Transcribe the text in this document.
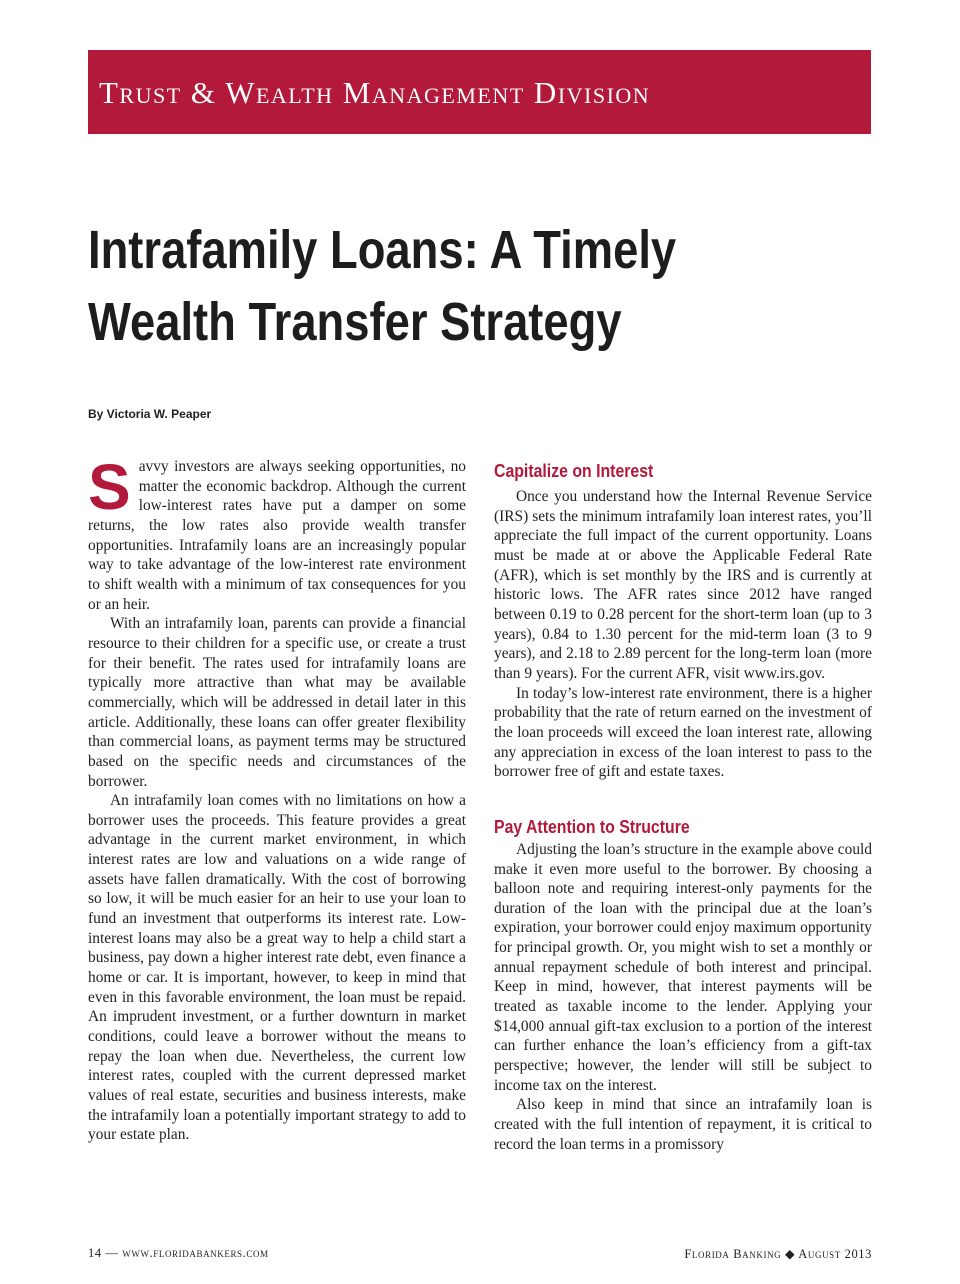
Trust & Wealth Management Division
Intrafamily Loans: A Timely
Wealth Transfer Strategy
By Victoria W. Peaper

Savvy investors are always seeking opportunities, no matter the economic backdrop. Although the current low-interest rates have put a damper on some returns, the low rates also provide wealth transfer opportunities. Intrafamily loans are an increasingly popular way to take advantage of the low-interest rate environment to shift wealth with a minimum of tax consequences for you or an heir.

With an intrafamily loan, parents can provide a financial resource to their children for a specific use, or create a trust for their benefit. The rates used for intrafamily loans are typically more attractive than what may be available commercially, which will be addressed in detail later in this article. Additionally, these loans can offer greater flexibility than commercial loans, as payment terms may be structured based on the specific needs and circumstances of the borrower.

An intrafamily loan comes with no limitations on how a borrower uses the proceeds. This feature provides a great advantage in the current market environment, in which interest rates are low and valuations on a wide range of assets have fallen dramatically. With the cost of borrowing so low, it will be much easier for an heir to use your loan to fund an investment that outperforms its interest rate. Low-interest loans may also be a great way to help a child start a business, pay down a higher interest rate debt, even finance a home or car. It is important, however, to keep in mind that even in this favorable environment, the loan must be repaid. An imprudent investment, or a further downturn in market conditions, could leave a borrower without the means to repay the loan when due. Nevertheless, the current low interest rates, coupled with the current depressed market values of real estate, securities and business interests, make the intrafamily loan a potentially important strategy to add to your estate plan.

Capitalize on Interest

Once you understand how the Internal Revenue Service (IRS) sets the minimum intrafamily loan interest rates, you’ll appreciate the full impact of the current opportunity. Loans must be made at or above the Applicable Federal Rate (AFR), which is set monthly by the IRS and is currently at historic lows. The AFR rates since 2012 have ranged between 0.19 to 0.28 percent for the short-term loan (up to 3 years), 0.84 to 1.30 percent for the mid-term loan (3 to 9 years), and 2.18 to 2.89 percent for the long-term loan (more than 9 years). For the current AFR, visit www.irs.gov.

In today’s low-interest rate environment, there is a higher probability that the rate of return earned on the investment of the loan proceeds will exceed the loan interest rate, allowing any appreciation in excess of the loan interest to pass to the borrower free of gift and estate taxes.

Pay Attention to Structure

Adjusting the loan’s structure in the example above could make it even more useful to the borrower. By choosing a balloon note and requiring interest-only payments for the duration of the loan with the principal due at the loan’s expiration, your borrower could enjoy maximum opportunity for principal growth. Or, you might wish to set a monthly or annual repayment schedule of both interest and principal. Keep in mind, however, that interest payments will be treated as taxable income to the lender. Applying your $14,000 annual gift-tax exclusion to a portion of the interest can further enhance the loan’s efficiency from a gift-tax perspective; however, the lender will still be subject to income tax on the interest.

Also keep in mind that since an intrafamily loan is created with the full intention of repayment, it is critical to record the loan terms in a promissory

14 — www.floridabankers.com	Florida Banking ◆ August 2013
